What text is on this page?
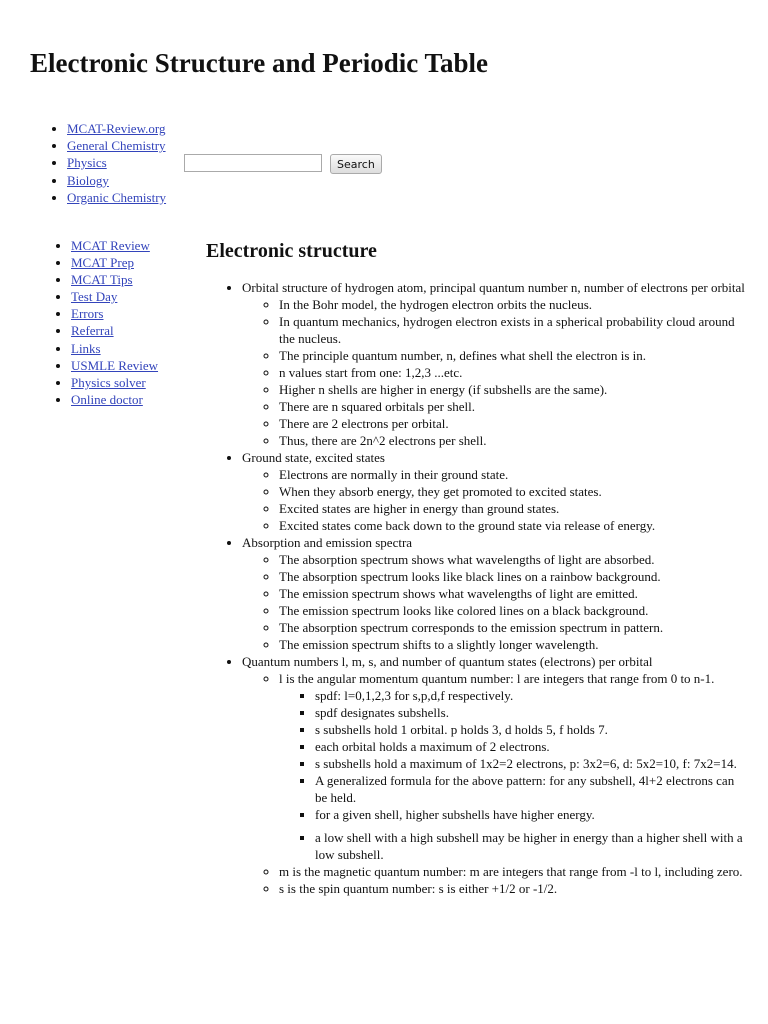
Electronic Structure and Periodic Table
• MCAT-Review.org
• General Chemistry
• Physics
• Biology
• Organic Chemistry
Search
• MCAT Review
• MCAT Prep
• MCAT Tips
• Test Day
• Errors
• Referral
• Links
• USMLE Review
• Physics solver
• Online doctor
Electronic structure
• Orbital structure of hydrogen atom, principal quantum number n, number of electrons per orbital
◦ In the Bohr model, the hydrogen electron orbits the nucleus.
◦ In quantum mechanics, hydrogen electron exists in a spherical probability cloud around the nucleus.
◦ The principle quantum number, n, defines what shell the electron is in.
◦ n values start from one: 1,2,3 ...etc.
◦ Higher n shells are higher in energy (if subshells are the same).
◦ There are n squared orbitals per shell.
◦ There are 2 electrons per orbital.
◦ Thus, there are 2n^2 electrons per shell.
• Ground state, excited states
◦ Electrons are normally in their ground state.
◦ When they absorb energy, they get promoted to excited states.
◦ Excited states are higher in energy than ground states.
◦ Excited states come back down to the ground state via release of energy.
• Absorption and emission spectra
◦ The absorption spectrum shows what wavelengths of light are absorbed.
◦ The absorption spectrum looks like black lines on a rainbow background.
◦ The emission spectrum shows what wavelengths of light are emitted.
◦ The emission spectrum looks like colored lines on a black background.
◦ The absorption spectrum corresponds to the emission spectrum in pattern.
◦ The emission spectrum shifts to a slightly longer wavelength.
• Quantum numbers l, m, s, and number of quantum states (electrons) per orbital
◦ l is the angular momentum quantum number: l are integers that range from 0 to n-1.
▪ spdf: l=0,1,2,3 for s,p,d,f respectively.
▪ spdf designates subshells.
▪ s subshells hold 1 orbital. p holds 3, d holds 5, f holds 7.
▪ each orbital holds a maximum of 2 electrons.
▪ s subshells hold a maximum of 1x2=2 electrons, p: 3x2=6, d: 5x2=10, f: 7x2=14.
▪ A generalized formula for the above pattern: for any subshell, 4l+2 electrons can be held.
▪ for a given shell, higher subshells have higher energy.
▪ a low shell with a high subshell may be higher in energy than a higher shell with a low subshell.
◦ m is the magnetic quantum number: m are integers that range from -l to l, including zero.
◦ s is the spin quantum number: s is either +1/2 or -1/2.
